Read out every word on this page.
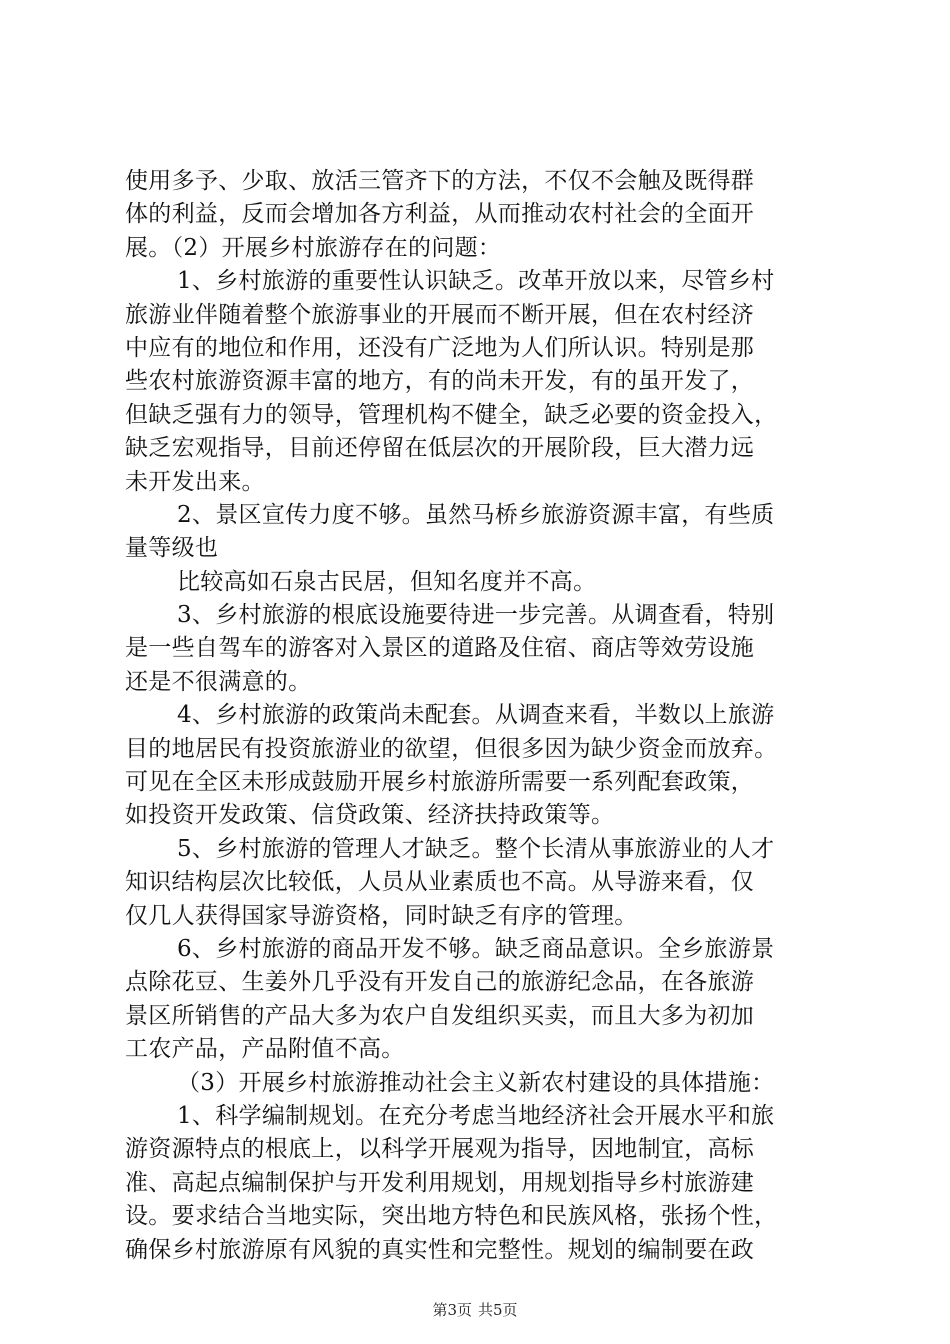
使用多予、少取、放活三管齐下的方法，不仅不会触及既得群
体的利益，反而会增加各方利益，从而推动农村社会的全面开
展。（2）开展乡村旅游存在的问题：
1、乡村旅游的重要性认识缺乏。改革开放以来，尽管乡村
旅游业伴随着整个旅游事业的开展而不断开展，但在农村经济
中应有的地位和作用，还没有广泛地为人们所认识。特别是那
些农村旅游资源丰富的地方，有的尚未开发，有的虽开发了，
但缺乏强有力的领导，管理机构不健全，缺乏必要的资金投入，
缺乏宏观指导，目前还停留在低层次的开展阶段，巨大潜力远
未开发出来。
2、景区宣传力度不够。虽然马桥乡旅游资源丰富，有些质
量等级也
比较高如石泉古民居，但知名度并不高。
3、乡村旅游的根底设施要待进一步完善。从调查看，特别
是一些自驾车的游客对入景区的道路及住宿、商店等效劳设施
还是不很满意的。
4、乡村旅游的政策尚未配套。从调查来看，半数以上旅游
目的地居民有投资旅游业的欲望，但很多因为缺少资金而放弃。
可见在全区未形成鼓励开展乡村旅游所需要一系列配套政策，
如投资开发政策、信贷政策、经济扶持政策等。
5、乡村旅游的管理人才缺乏。整个长清从事旅游业的人才
知识结构层次比较低，人员从业素质也不高。从导游来看，仅
仅几人获得国家导游资格，同时缺乏有序的管理。
6、乡村旅游的商品开发不够。缺乏商品意识。全乡旅游景
点除花豆、生姜外几乎没有开发自己的旅游纪念品，在各旅游
景区所销售的产品大多为农户自发组织买卖，而且大多为初加
工农产品，产品附值不高。
（3）开展乡村旅游推动社会主义新农村建设的具体措施：
1、科学编制规划。在充分考虑当地经济社会开展水平和旅
游资源特点的根底上，以科学开展观为指导，因地制宜，高标
准、高起点编制保护与开发利用规划，用规划指导乡村旅游建
设。要求结合当地实际，突出地方特色和民族风格，张扬个性，
确保乡村旅游原有风貌的真实性和完整性。规划的编制要在政
第3页 共5页
